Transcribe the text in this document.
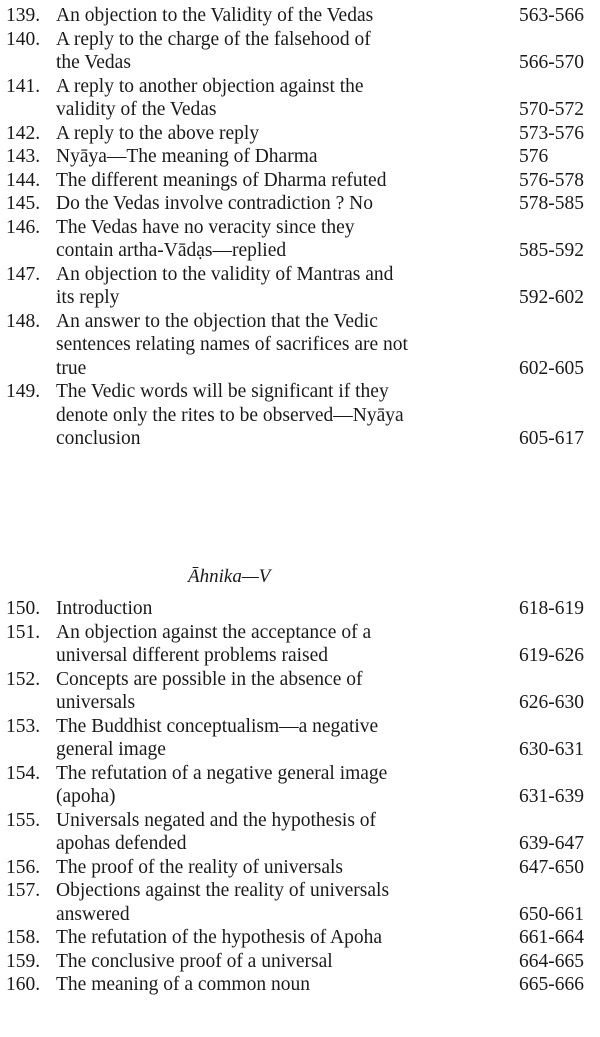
139. An objection to the Validity of the Vedas	563-566
140. A reply to the charge of the falsehood of
the Vedas	566-570
141. A reply to another objection against the
validity of the Vedas	570-572
142. A reply to the above reply	573-576
143. Nyāya—The meaning of Dharma	576
144. The different meanings of Dharma refuted	576-578
145. Do the Vedas involve contradiction ? No	578-585
146. The Vedas have no veracity since they
contain artha-Vādạs—replied	585-592
147. An objection to the validity of Mantras and
its reply	592-602
148. An answer to the objection that the Vedic
sentences relating names of sacrifices are not
true	602-605
149. The Vedic words will be significant if they
denote only the rites to be observed—Nyāya
conclusion	605-617
150. Introduction	618-619
151. An objection against the acceptance of a
universal different problems raised	619-626
152. Concepts are possible in the absence of
universals	626-630
153. The Buddhist conceptualism—a negative
general image	630-631
154. The refutation of a negative general image
(apoha)	631-639
155. Universals negated and the hypothesis of
apohas defended	639-647
156. The proof of the reality of universals	647-650
157. Objections against the reality of universals
answered	650-661
158. The refutation of the hypothesis of Apoha	661-664
159. The conclusive proof of a universal	664-665
160. The meaning of a common noun	665-666
Āhnika—V
